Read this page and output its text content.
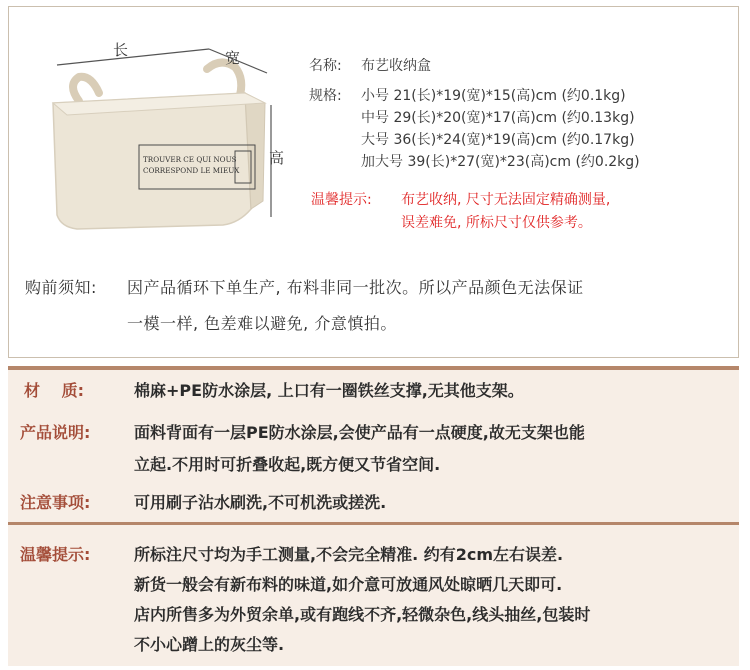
TROUVER CE QUI NOUS
CORRESPOND LE MIEUX
长	宽
高
名称: 布艺收纳盒
规格: 小号 21(长)*19(宽)*15(高)cm (约0.1kg)
中号 29(长)*20(宽)*17(高)cm (约0.13kg)
大号 36(长)*24(宽)*19(高)cm (约0.17kg)
加大号 39(长)*27(宽)*23(高)cm (约0.2kg)
温馨提示: 布艺收纳, 尺寸无法固定精确测量,
误差难免, 所标尺寸仅供参考。
购前须知: 因产品循环下单生产, 布料非同一批次。所以产品颜色无法保证
一模一样, 色差难以避免, 介意慎拍。
材　 质:	棉麻+PE防水涂层, 上口有一圈铁丝支撑,无其他支架。
产品说明:	面料背面有一层PE防水涂层,会使产品有一点硬度,故无支架也能
立起.不用时可折叠收起,既方便又节省空间.
注意事项:	可用刷子沾水刷洗,不可机洗或搓洗.
温馨提示:	所标注尺寸均为手工测量,不会完全精准. 约有2cm左右误差.
新货一般会有新布料的味道,如介意可放通风处晾晒几天即可.
店内所售多为外贸余单,或有跑线不齐,轻微杂色,线头抽丝,包装时
不小心蹭上的灰尘等.
